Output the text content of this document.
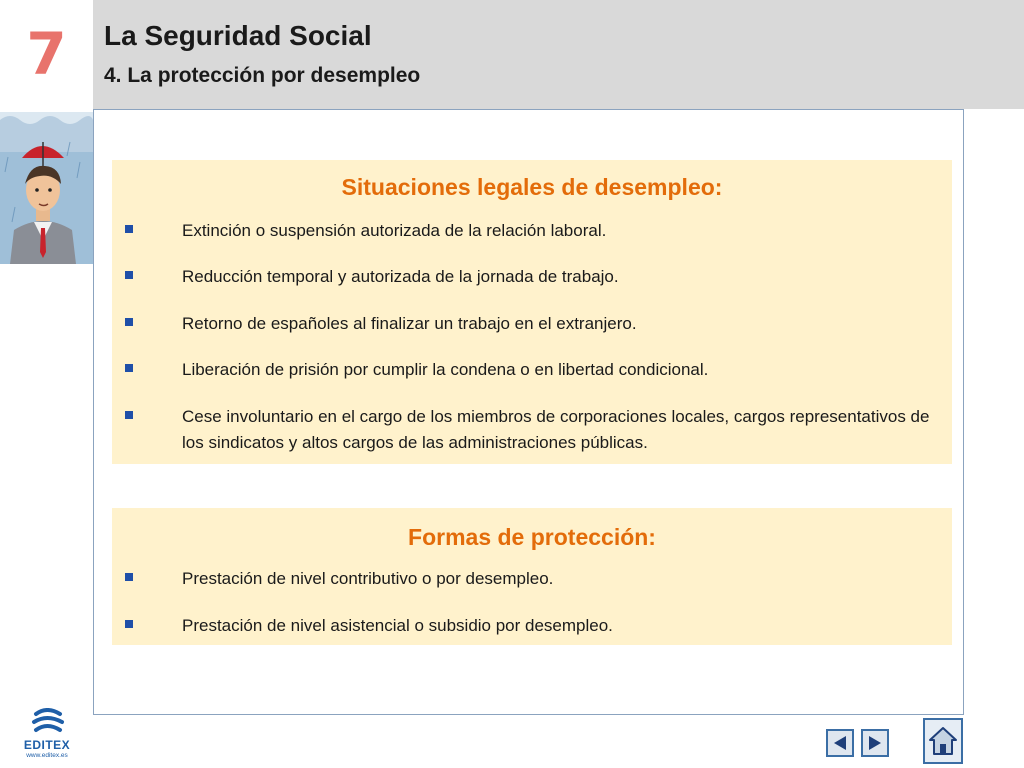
7	La Seguridad Social
4. La protección por desempleo
Situaciones legales de desempleo:
Extinción o suspensión autorizada de la relación laboral.
Reducción temporal y autorizada de la jornada de trabajo.
Retorno de españoles al finalizar un trabajo en el extranjero.
Liberación de prisión por cumplir la condena o en libertad condicional.
Cese involuntario en el cargo de los miembros de corporaciones locales, cargos representativos de los sindicatos y altos cargos de las administraciones públicas.
Formas de protección:
Prestación de nivel contributivo o por desempleo.
Prestación de nivel asistencial o subsidio por desempleo.
EDITEX
www.editex.es
